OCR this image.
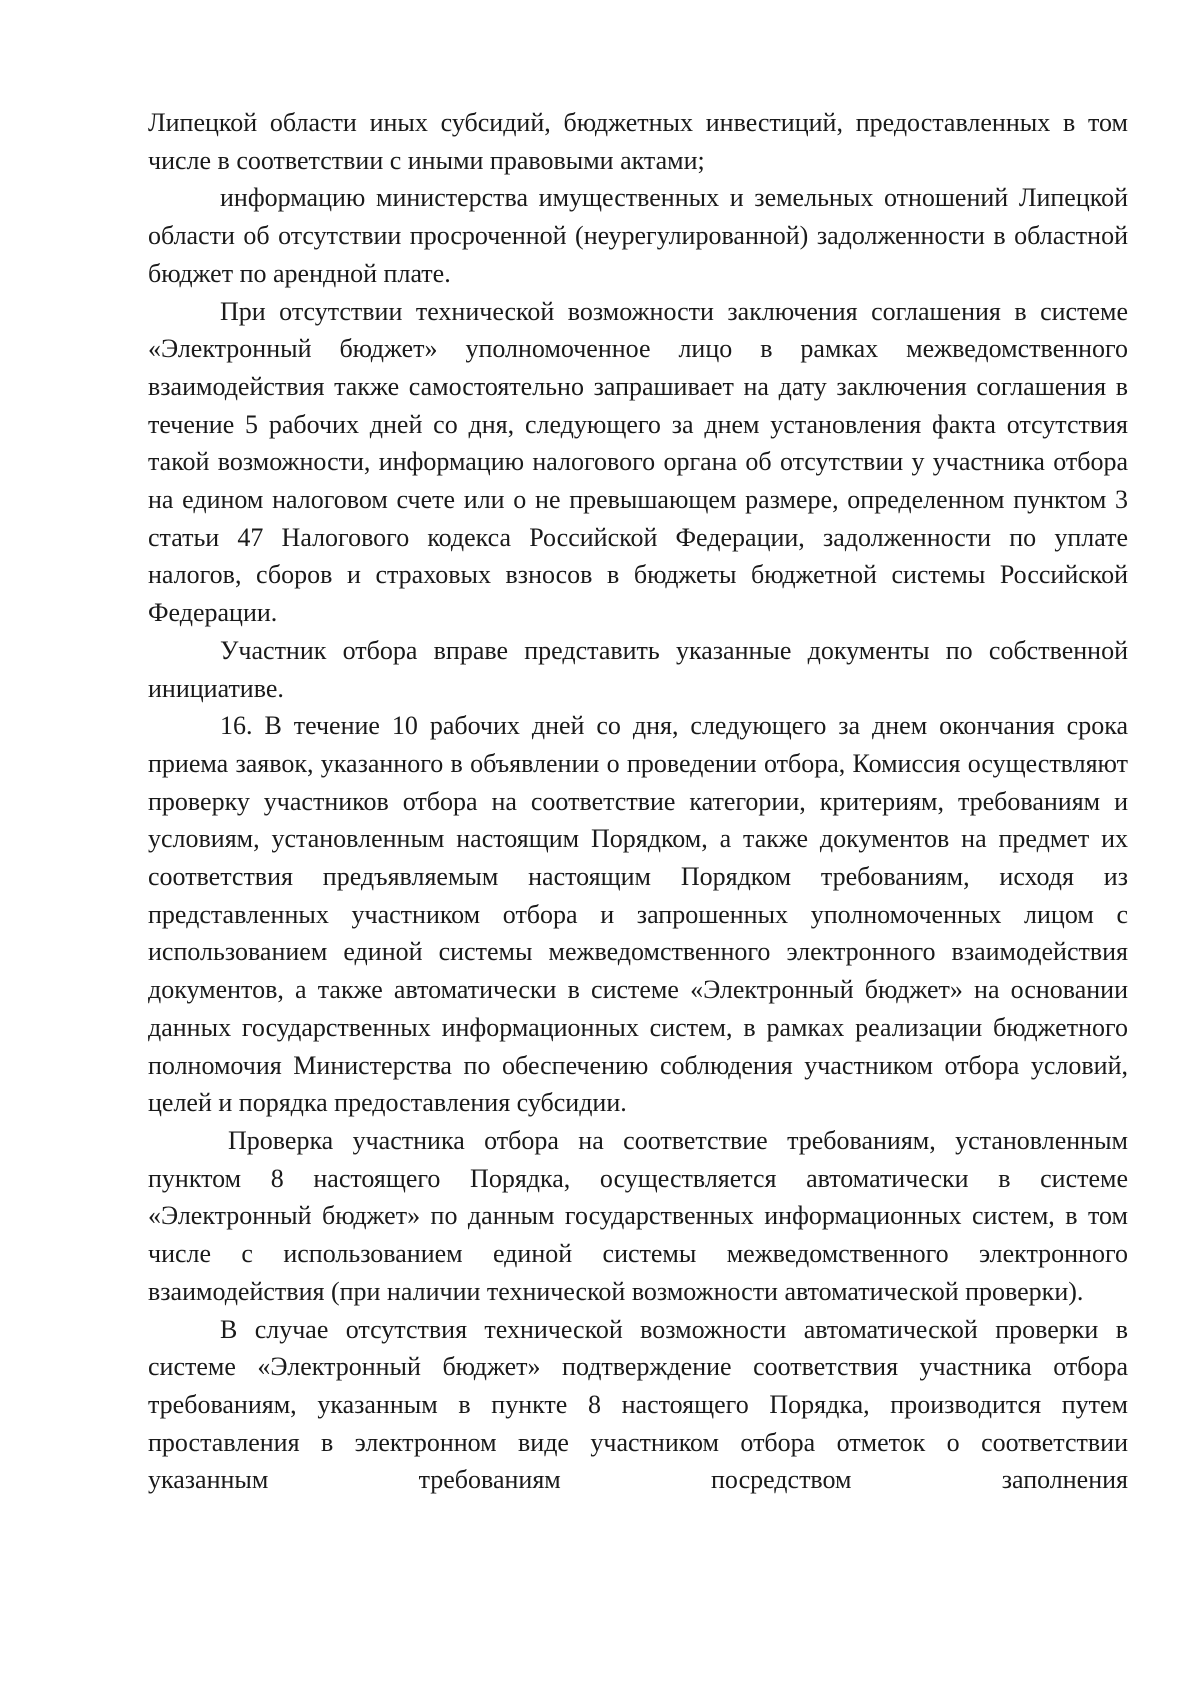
Липецкой области иных субсидий, бюджетных инвестиций, предоставленных в том числе в соответствии с иными правовыми актами;

информацию министерства имущественных и земельных отношений Липецкой области об отсутствии просроченной (неурегулированной) задолженности в областной бюджет по арендной плате.

При отсутствии технической возможности заключения соглашения в системе «Электронный бюджет» уполномоченное лицо в рамках межведомственного взаимодействия также самостоятельно запрашивает на дату заключения соглашения в течение 5 рабочих дней со дня, следующего за днем установления факта отсутствия такой возможности, информацию налогового органа об отсутствии у участника отбора на едином налоговом счете или о не превышающем размере, определенном пунктом 3 статьи 47 Налогового кодекса Российской Федерации, задолженности по уплате налогов, сборов и страховых взносов в бюджеты бюджетной системы Российской Федерации.

Участник отбора вправе представить указанные документы по собственной инициативе.

16. В течение 10 рабочих дней со дня, следующего за днем окончания срока приема заявок, указанного в объявлении о проведении отбора, Комиссия осуществляют проверку участников отбора на соответствие категории, критериям, требованиям и условиям, установленным настоящим Порядком, а также документов на предмет их соответствия предъявляемым настоящим Порядком требованиям, исходя из представленных участником отбора и запрошенных уполномоченных лицом с использованием единой системы межведомственного электронного взаимодействия документов, а также автоматически в системе «Электронный бюджет» на основании данных государственных информационных систем, в рамках реализации бюджетного полномочия Министерства по обеспечению соблюдения участником отбора условий, целей и порядка предоставления субсидии.

Проверка участника отбора на соответствие требованиям, установленным пунктом 8 настоящего Порядка, осуществляется автоматически в системе «Электронный бюджет» по данным государственных информационных систем, в том числе с использованием единой системы межведомственного электронного взаимодействия (при наличии технической возможности автоматической проверки).

В случае отсутствия технической возможности автоматической проверки в системе «Электронный бюджет» подтверждение соответствия участника отбора требованиям, указанным в пункте 8 настоящего Порядка, производится путем проставления в электронном виде участником отбора отметок о соответствии указанным требованиям посредством заполнения
